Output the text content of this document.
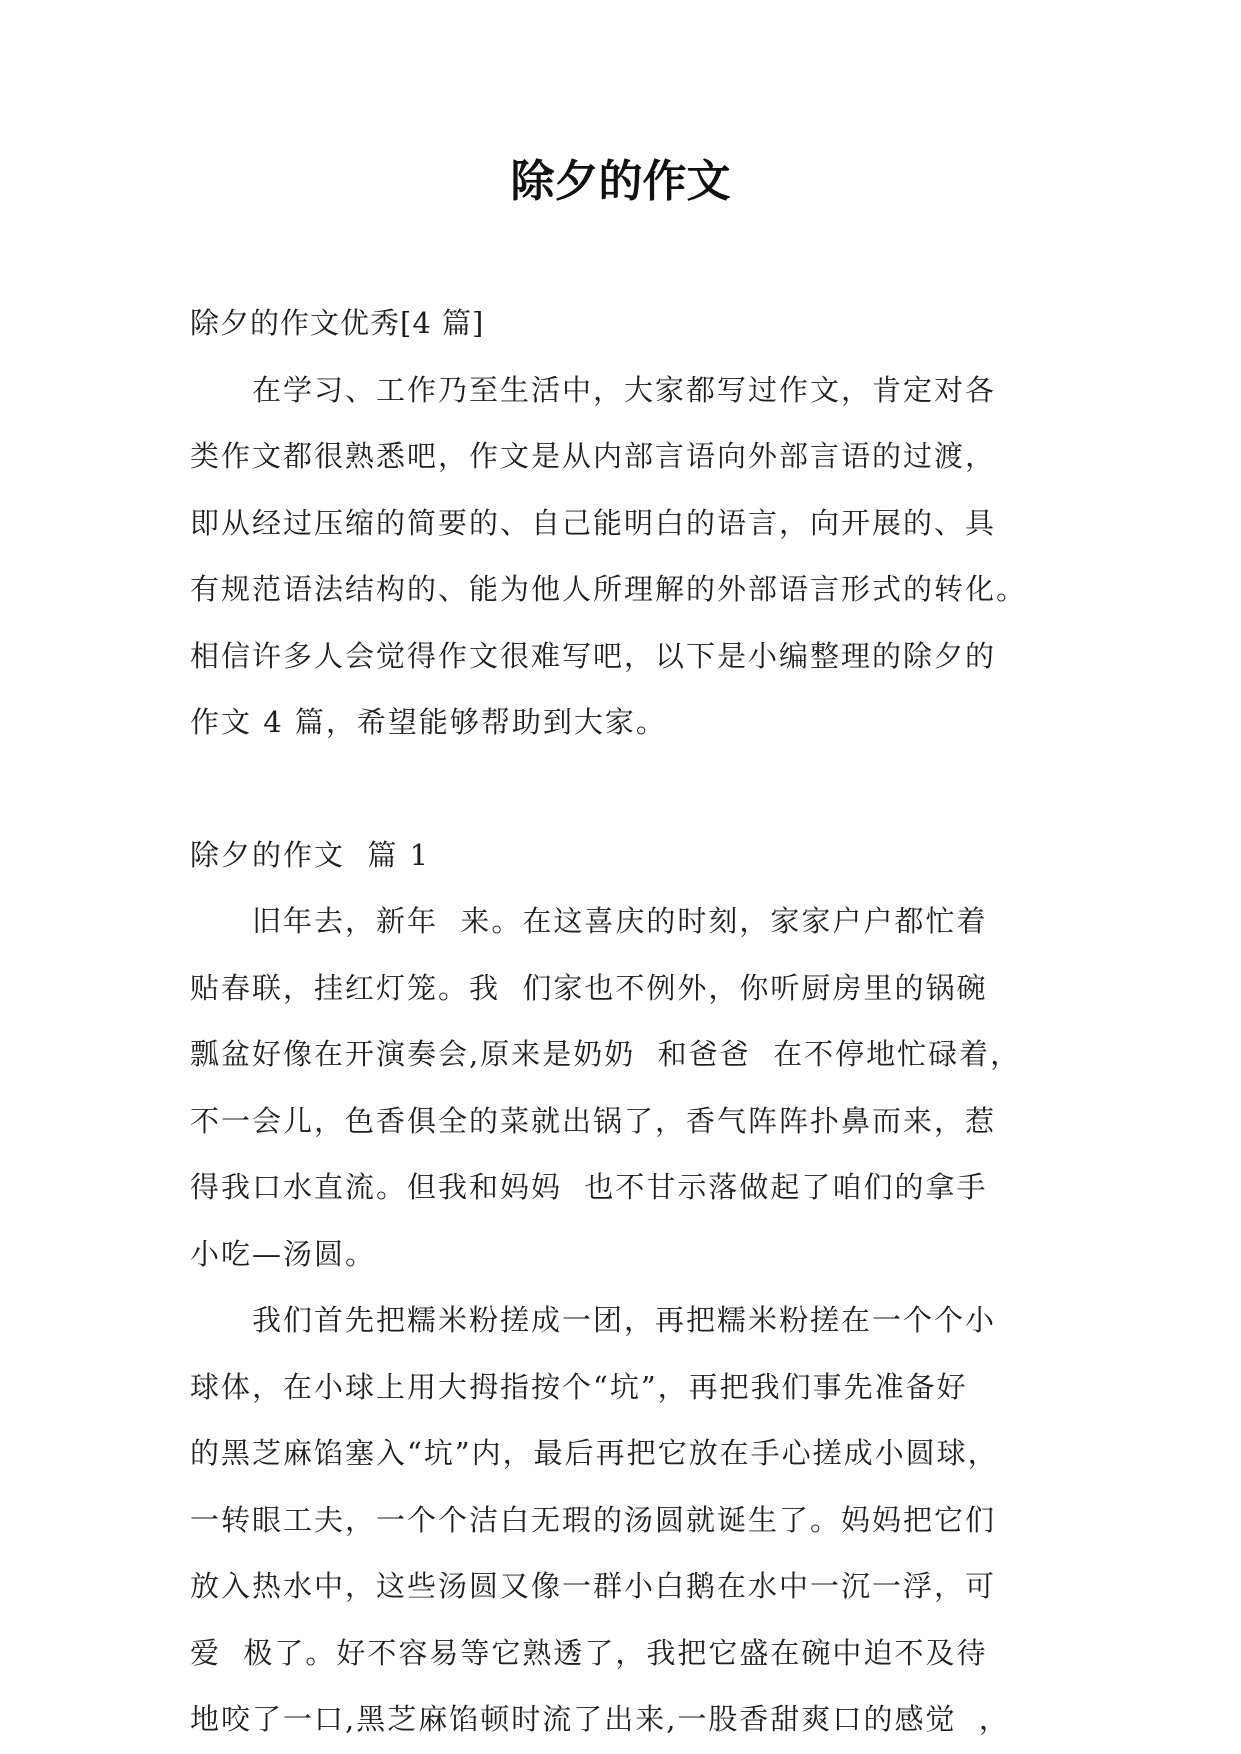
除夕的作文
除夕的作文优秀[4 篇]
　　在学习、工作乃至生活中，大家都写过作文，肯定对各
类作文都很熟悉吧，作文是从内部言语向外部言语的过渡，
即从经过压缩的简要的、自己能明白的语言，向开展的、具
有规范语法结构的、能为他人所理解的外部语言形式的转化。
相信许多人会觉得作文很难写吧，以下是小编整理的除夕的
作文 4 篇，希望能够帮助到大家。
除夕的作文  篇 1
　　旧年去，新年  来。在这喜庆的时刻，家家户户都忙着
贴春联，挂红灯笼。我  们家也不例外，你听厨房里的锅碗
瓢盆好像在开演奏会,原来是奶奶  和爸爸  在不停地忙碌着，
不一会儿，色香俱全的菜就出锅了，香气阵阵扑鼻而来，惹
得我口水直流。但我和妈妈  也不甘示落做起了咱们的拿手
小吃—汤圆。
　　我们首先把糯米粉搓成一团，再把糯米粉搓在一个个小
球体，在小球上用大拇指按个“坑”，再把我们事先准备好
的黑芝麻馅塞入“坑”内，最后再把它放在手心搓成小圆球，
一转眼工夫，一个个洁白无瑕的汤圆就诞生了。妈妈把它们
放入热水中，这些汤圆又像一群小白鹅在水中一沉一浮，可
爱  极了。好不容易等它熟透了，我把它盛在碗中迫不及待
地咬了一口,黑芝麻馅顿时流了出来,一股香甜爽口的感觉  ，
